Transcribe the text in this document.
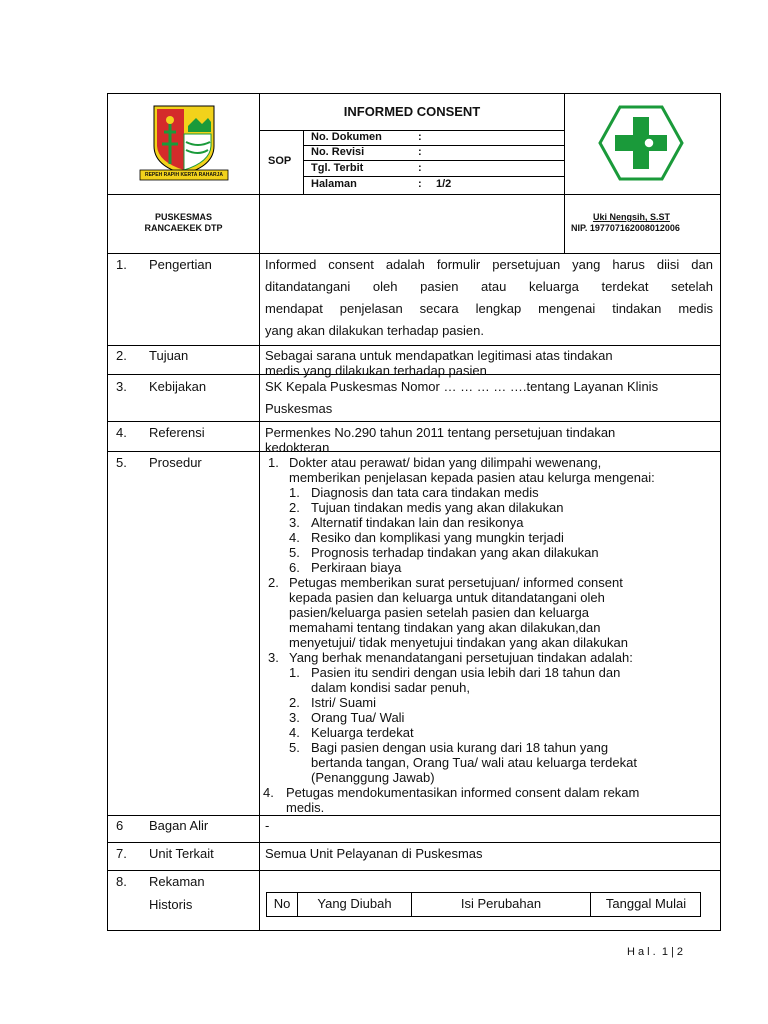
REPEH RAPIH KERTA RAHARJA
INFORMED CONSENT
SOP
No. Dokumen	:
No. Revisi	:
Tgl. Terbit	:
Halaman	: 1/2
PUSKESMAS
RANCAEKEK DTP
Uki Nengsih, S.ST
NIP. 197707162008012006
1. Pengertian	Informed consent adalah formulir persetujuan yang harus diisi dan
ditandatangani oleh pasien atau keluarga terdekat setelah
mendapat penjelasan secara lengkap mengenai tindakan medis
yang akan dilakukan terhadap pasien.
2. Tujuan	Sebagai sarana untuk mendapatkan legitimasi atas tindakan
medis yang dilakukan terhadap pasien
3. Kebijakan	SK Kepala Puskesmas Nomor … … … … ….tentang Layanan Klinis
Puskesmas
4. Referensi	Permenkes No.290 tahun 2011 tentang persetujuan tindakan
kedokteran
5. Prosedur	1. Dokter atau perawat/ bidan yang dilimpahi wewenang,
memberikan penjelasan kepada pasien atau kelurga mengenai:
1. Diagnosis dan tata cara tindakan medis
2. Tujuan tindakan medis yang akan dilakukan
3. Alternatif tindakan lain dan resikonya
4. Resiko dan komplikasi yang mungkin terjadi
5. Prognosis terhadap tindakan yang akan dilakukan
6. Perkiraan biaya
2. Petugas memberikan surat persetujuan/ informed consent
kepada pasien dan keluarga untuk ditandatangani oleh
pasien/keluarga pasien setelah pasien dan keluarga
memahami tentang tindakan yang akan dilakukan,dan
menyetujui/ tidak menyetujui tindakan yang akan dilakukan
3. Yang berhak menandatangani persetujuan tindakan adalah:
1. Pasien itu sendiri dengan usia lebih dari 18 tahun dan
dalam kondisi sadar penuh,
2. Istri/ Suami
3. Orang Tua/ Wali
4. Keluarga terdekat
5. Bagi pasien dengan usia kurang dari 18 tahun yang
bertanda tangan, Orang Tua/ wali atau keluarga terdekat
(Penanggung Jawab)
4. Petugas mendokumentasikan informed consent dalam rekam
medis.
6 Bagan Alir	-
7. Unit Terkait	Semua Unit Pelayanan di Puskesmas
8. Rekaman
Historis	No	Yang Diubah	Isi Perubahan	Tanggal Mulai
H a l .  1 | 2
